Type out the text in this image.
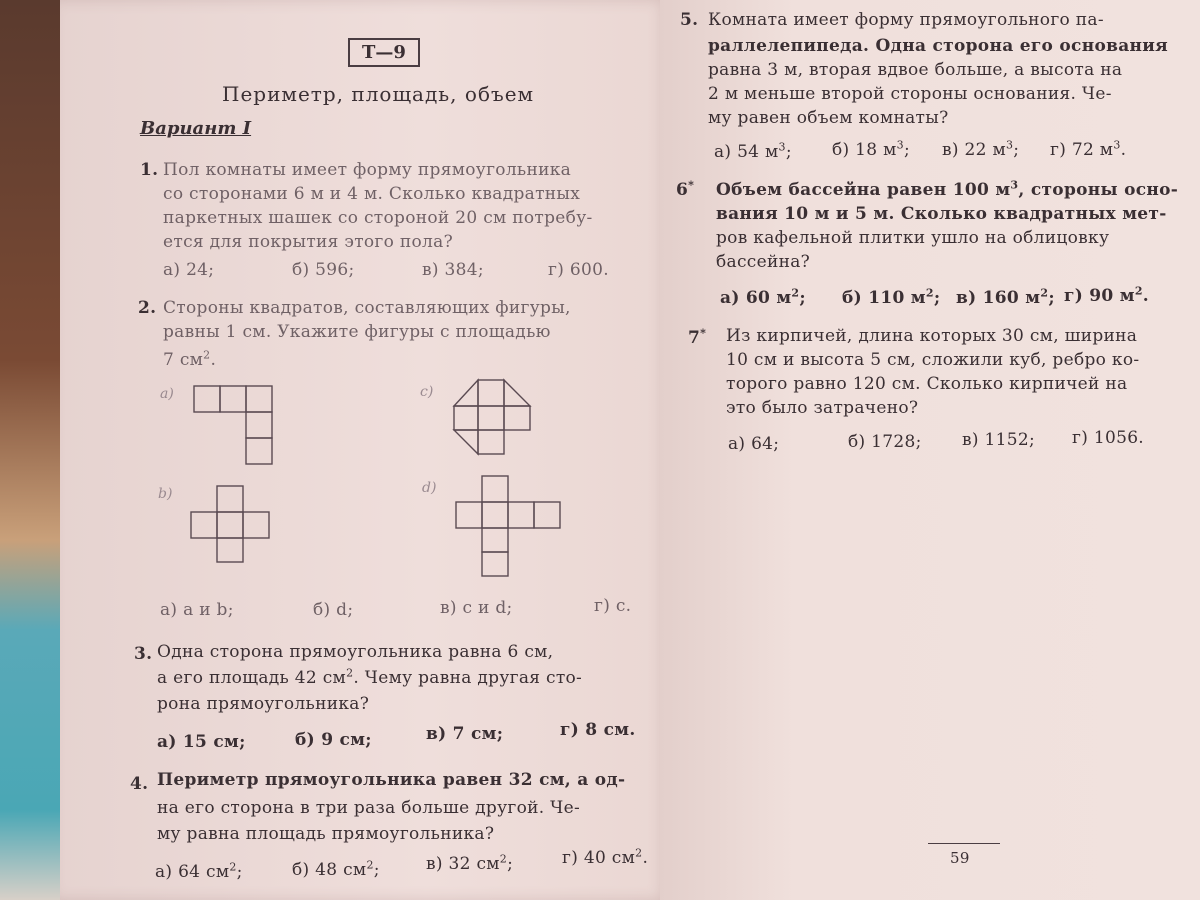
Т—9
Периметр, площадь, объем
Вариант I
1. Пол комнаты имеет форму прямоугольника
со сторонами 6 м и 4 м. Сколько квадратных
паркетных шашек со стороной 20 см потребу-
ется для покрытия этого пола?
а) 24;	б) 596;	в) 384;	г) 600.
2. Стороны квадратов, составляющих фигуры,
равны 1 см. Укажите фигуры с площадью
7 $см^2$.
a)	c)
b)	d)
а) a и b;	б) d;	в) c и d;	г) c.
3. Одна сторона прямоугольника равна 6 см,
а его площадь 42 $см^2$. Чему равна другая сто-
рона прямоугольника?
а) 15 см;	б) 9 см;	в) 7 см;	г) 8 см.
4. Периметр прямоугольника равен 32 см, а од-
на его сторона в три раза больше другой. Че-
му равна площадь прямоугольника?
а) 64 $см^2$;	б) 48 $см^2$;	в) 32 $см^2$;	г) 40 $см^2$.
5. Комната имеет форму прямоугольного па-
раллелепипеда. Одна сторона его основания
равна 3 м, вторая вдвое больше, а высота на
2 м меньше второй стороны основания. Че-
му равен объем комнаты?
а) 54 $м^3$; б) 18 $м^3$; в) 22 $м^3$; г) 72 $м^3$.
6* Объем бассейна равен 100 $м^3$, стороны осно-
вания 10 м и 5 м. Сколько квадратных мет-
ров кафельной плитки ушло на облицовку
бассейна?
а) 60 $м^2$; б) 110 $м^2$; в) 160 $м^2$; г) 90 $м^2$.
7* Из кирпичей, длина которых 30 см, ширина
10 см и высота 5 см, сложили куб, ребро ко-
торого равно 120 см. Сколько кирпичей на
это было затрачено?
а) 64;	б) 1728; в) 1152; г) 1056.
59
